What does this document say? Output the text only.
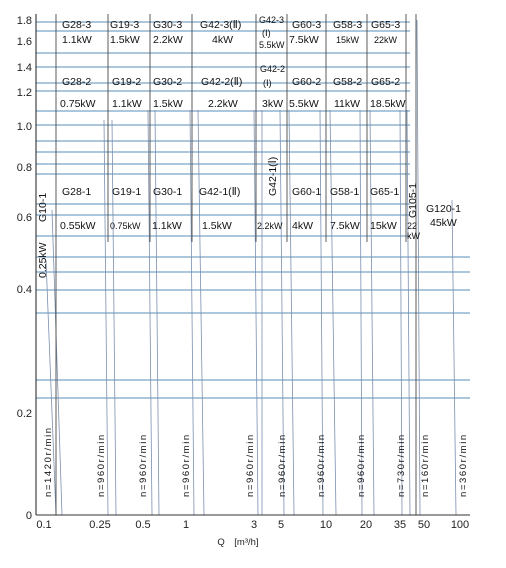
0
0.2
0.4
0.6
0.8
1.0
1.2
1.4
1.6
1.8
0.1	0.25 0.5	1	3 5	10	20 35 50 100
Q　[m³/h]
G28-3
1.1kW
G19-3
1.5kW
G30-3
2.2kW
G42-3(Ⅱ)
4kW
G42-3
(Ⅰ)
5.5kW
G60-3
7.5kW
G58-3
15kW
G65-3
22kW
G28-2
0.75kW
G19-2
1.1kW
G30-2
1.5kW
G42-2(Ⅱ)
2.2kW
G42-2
(Ⅰ)
3kW
G60-2
5.5kW
G58-2
11kW
G65-2
18.5kW
G28-1
0.55kW
G19-1
0.75kW
G30-1
1.1kW
G42-1(Ⅱ)
1.5kW
G42-1(Ⅰ)
2.2kW
G60-1
4kW
G58-1
7.5kW
G65-1
15kW
G10-1
0.25kW
G105-1
22
kW
G120-1
45kW
n=1420r/min	n=960r/min	n=960r/min	n=960r/min	n=960r/min n=960r/min	n=960r/min	n=960r/min	n=730r/min n=160r/min	n=360r/min
